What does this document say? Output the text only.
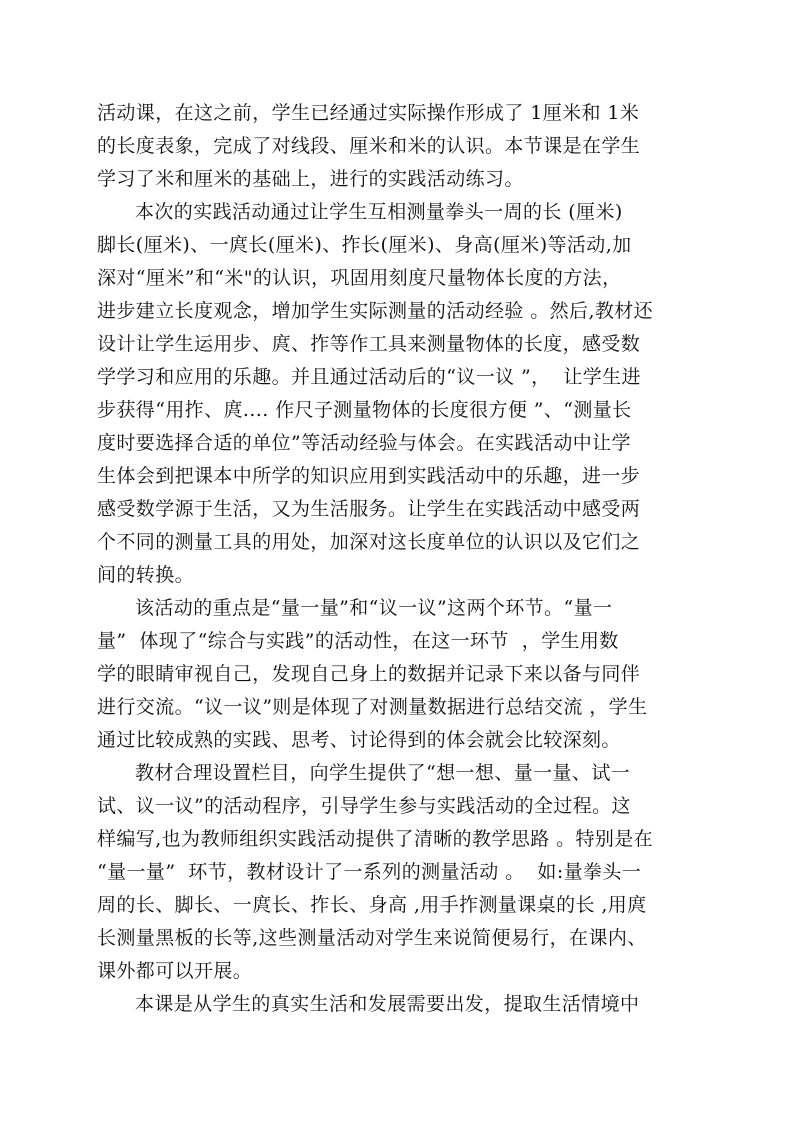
活动课，在这之前，学生已经通过实际操作形成了 1厘米和 1米
的长度表象，完成了对线段、厘米和米的认识。本节课是在学生
学习了米和厘米的基础上，进行的实践活动练习。
本次的实践活动通过让学生互相测量拳头一周的长 (厘米)
脚长(厘米)、一庹长(厘米)、拃长(厘米)、身高(厘米)等活动,加
深对“厘米”和“米"的认识，巩固用刻度尺量物体长度的方法，
进步建立长度观念，增加学生实际测量的活动经验 。然后,教材还
设计让学生运用步、庹、拃等作工具来测量物体的长度，感受数
学学习和应用的乐趣。并且通过活动后的“议一议 ”，  让学生进
步获得“用拃、庹.... 作尺子测量物体的长度很方便 ”、“测量长
度时要选择合适的单位”等活动经验与体会。在实践活动中让学
生体会到把课本中所学的知识应用到实践活动中的乐趣，进一步
感受数学源于生活，又为生活服务。让学生在实践活动中感受两
个不同的测量工具的用处，加深对这长度单位的认识以及它们之
间的转换。
该活动的重点是“量一量”和“议一议”这两个环节。“量一
量”  体现了“综合与实践”的活动性，在这一环节  ，学生用数
学的眼睛审视自己，发现自己身上的数据并记录下来以备与同伴
进行交流。“议一议”则是体现了对测量数据进行总结交流 ，学生
通过比较成熟的实践、思考、讨论得到的体会就会比较深刻。
教材合理设置栏目，向学生提供了“想一想、量一量、试一
试、议一议”的活动程序，引导学生参与实践活动的全过程。这
样编写,也为教师组织实践活动提供了清晰的教学思路 。特别是在
“量一量”  环节，教材设计了一系列的测量活动 。  如:量拳头一
周的长、脚长、一庹长、拃长、身高 ,用手拃测量课桌的长 ,用庹
长测量黑板的长等,这些测量活动对学生来说简便易行，在课内、
课外都可以开展。
本课是从学生的真实生活和发展需要出发，提取生活情境中
